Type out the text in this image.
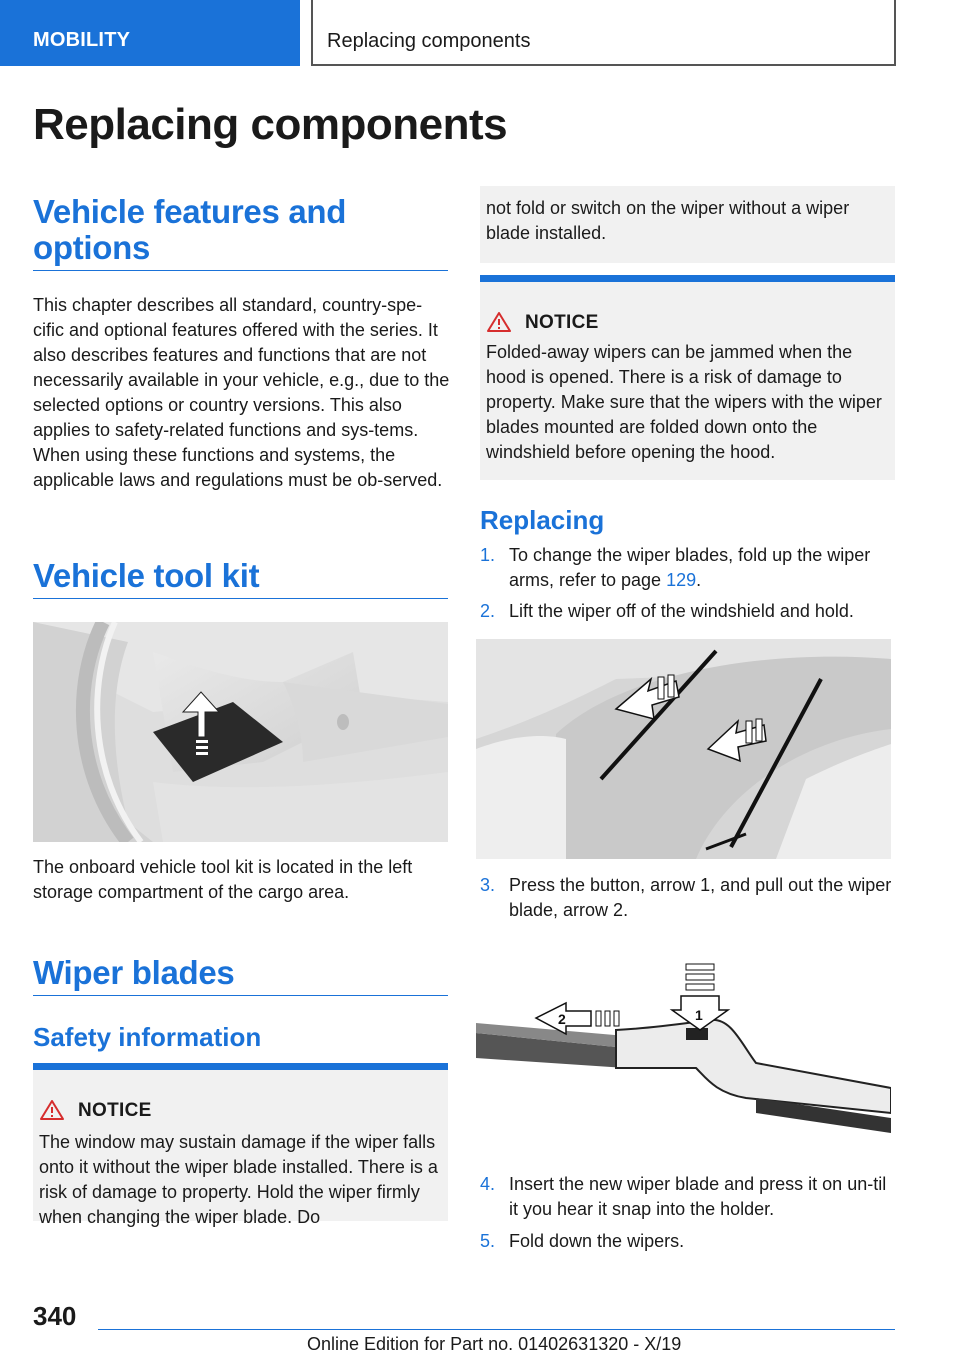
MOBILITY	Replacing components
Replacing components
Vehicle features and options
This chapter describes all standard, country-spe-cific and optional features offered with the series. It also describes features and functions that are not necessarily available in your vehicle, e.g., due to the selected options or country versions. This also applies to safety-related functions and sys-tems. When using these functions and systems, the applicable laws and regulations must be ob-served.
Vehicle tool kit
The onboard vehicle tool kit is located in the left storage compartment of the cargo area.
Wiper blades
Safety information
NOTICE
The window may sustain damage if the wiper falls onto it without the wiper blade installed. There is a risk of damage to property. Hold the wiper firmly when changing the wiper blade. Do

not fold or switch on the wiper without a wiper blade installed.

NOTICE
Folded-away wipers can be jammed when the hood is opened. There is a risk of damage to property. Make sure that the wipers with the wiper blades mounted are folded down onto the windshield before opening the hood.
Replacing
1. To change the wiper blades, fold up the wiper arms, refer to page 129.
2. Lift the wiper off of the windshield and hold.
3. Press the button, arrow 1, and pull out the wiper blade, arrow 2.
1
2
4. Insert the new wiper blade and press it on un-til it you hear it snap into the holder.
5. Fold down the wipers.
340
Online Edition for Part no. 01402631320 - X/19
